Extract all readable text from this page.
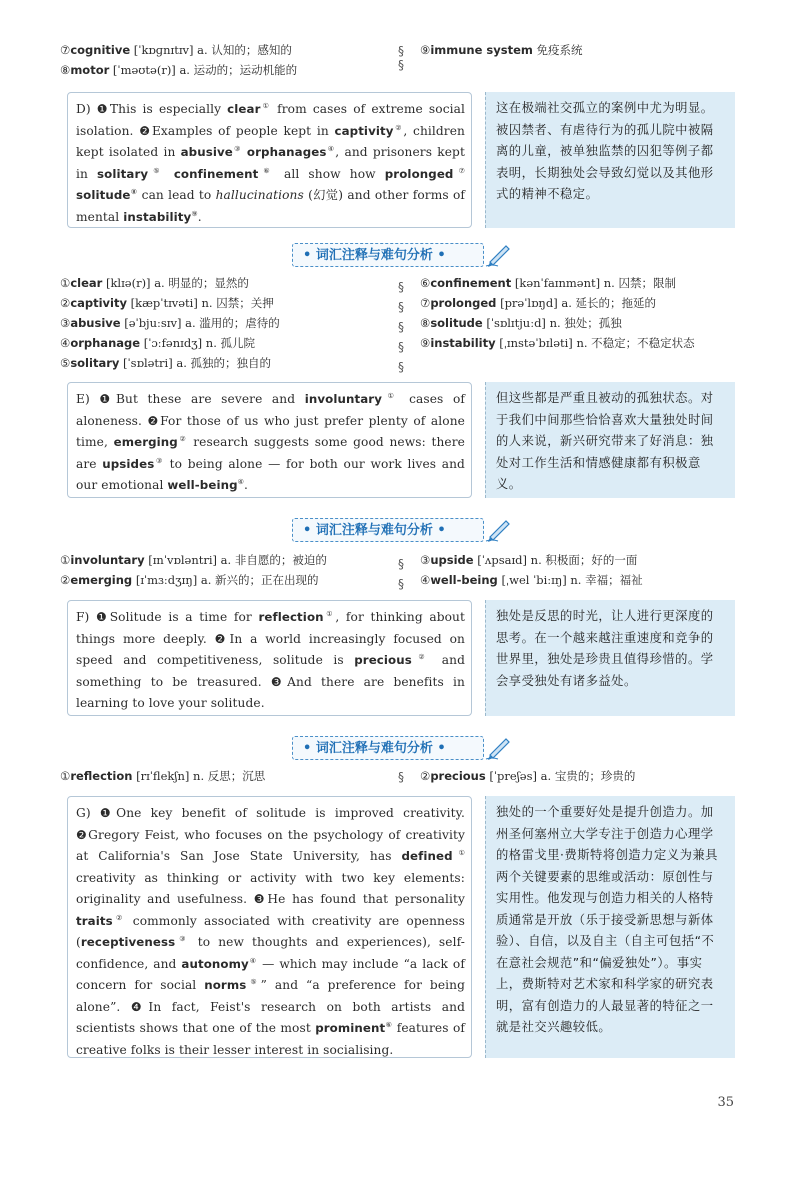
⑦cognitive [ˈkɒɡnɪtɪv] a. 认知的；感知的
⑧motor [ˈməʊtə(r)] a. 运动的；运动机能的
§
§
⑨immune system 免疫系统

D) ❶This is especially clear① from cases of extreme social isolation. ❷Examples of people kept in captivity②, children kept isolated in abusive③ orphanages④, and prisoners kept in solitary⑤ confinement⑥ all show how prolonged⑦ solitude⑧ can lead to hallucinations (幻觉) and other forms of mental instability⑨.

这在极端社交孤立的案例中尤为明显。被囚禁者、有虐待行为的孤儿院中被隔离的儿童，被单独监禁的囚犯等例子都表明，长期独处会导致幻觉以及其他形式的精神不稳定。

• 词汇注释与难句分析 •
①clear [klɪə(r)] a. 明显的；显然的
②captivity [kæpˈtɪvəti] n. 囚禁；关押
③abusive [əˈbjuːsɪv] a. 滥用的；虐待的
④orphanage [ˈɔːfənɪdʒ] n. 孤儿院
⑤solitary [ˈsɒlətri] a. 孤独的；独自的
§
§
§
§
§
⑥confinement [kənˈfaɪnmənt] n. 囚禁；限制
⑦prolonged [prəˈlɒŋd] a. 延长的；拖延的
⑧solitude [ˈsɒlɪtjuːd] n. 独处；孤独
⑨instability [ˌɪnstəˈbɪləti] n. 不稳定；不稳定状态

E) ❶But these are severe and involuntary① cases of aloneness. ❷For those of us who just prefer plenty of alone time, emerging② research suggests some good news: there are upsides③ to being alone — for both our work lives and our emotional well-being④.

但这些都是严重且被动的孤独状态。对于我们中间那些恰恰喜欢大量独处时间的人来说，新兴研究带来了好消息：独处对工作生活和情感健康都有积极意义。

• 词汇注释与难句分析 •
①involuntary [ɪnˈvɒləntri] a. 非自愿的；被迫的
②emerging [ɪˈmɜːdʒɪŋ] a. 新兴的；正在出现的
§
§
③upside [ˈʌpsaɪd] n. 积极面；好的一面
④well-being [ˌwel ˈbiːɪŋ] n. 幸福；福祉

F) ❶Solitude is a time for reflection①, for thinking about things more deeply. ❷In a world increasingly focused on speed and competitiveness, solitude is precious② and something to be treasured. ❸And there are benefits in learning to love your solitude.

独处是反思的时光，让人进行更深度的思考。在一个越来越注重速度和竞争的世界里，独处是珍贵且值得珍惜的。学会享受独处有诸多益处。

• 词汇注释与难句分析 •
①reflection [rɪˈflekʃn] n. 反思；沉思	§ ②precious [ˈpreʃəs] a. 宝贵的；珍贵的

G) ❶One key benefit of solitude is improved creativity. ❷Gregory Feist, who focuses on the psychology of creativity at California's San Jose State University, has defined① creativity as thinking or activity with two key elements: originality and usefulness. ❸He has found that personality traits② commonly associated with creativity are openness (receptiveness③ to new thoughts and experiences), self-confidence, and autonomy④ — which may include “a lack of concern for social norms⑤” and “a preference for being alone”. ❹In fact, Feist's research on both artists and scientists shows that one of the most prominent⑥ features of creative folks is their lesser interest in socialising.

独处的一个重要好处是提升创造力。加州圣何塞州立大学专注于创造力心理学的格雷戈里·费斯特将创造力定义为兼具两个关键要素的思维或活动：原创性与实用性。他发现与创造力相关的人格特质通常是开放（乐于接受新思想与新体验）、自信，以及自主（自主可包括“不在意社会规范”和“偏爱独处”）。事实上，费斯特对艺术家和科学家的研究表明，富有创造力的人最显著的特征之一就是社交兴趣较低。

35
